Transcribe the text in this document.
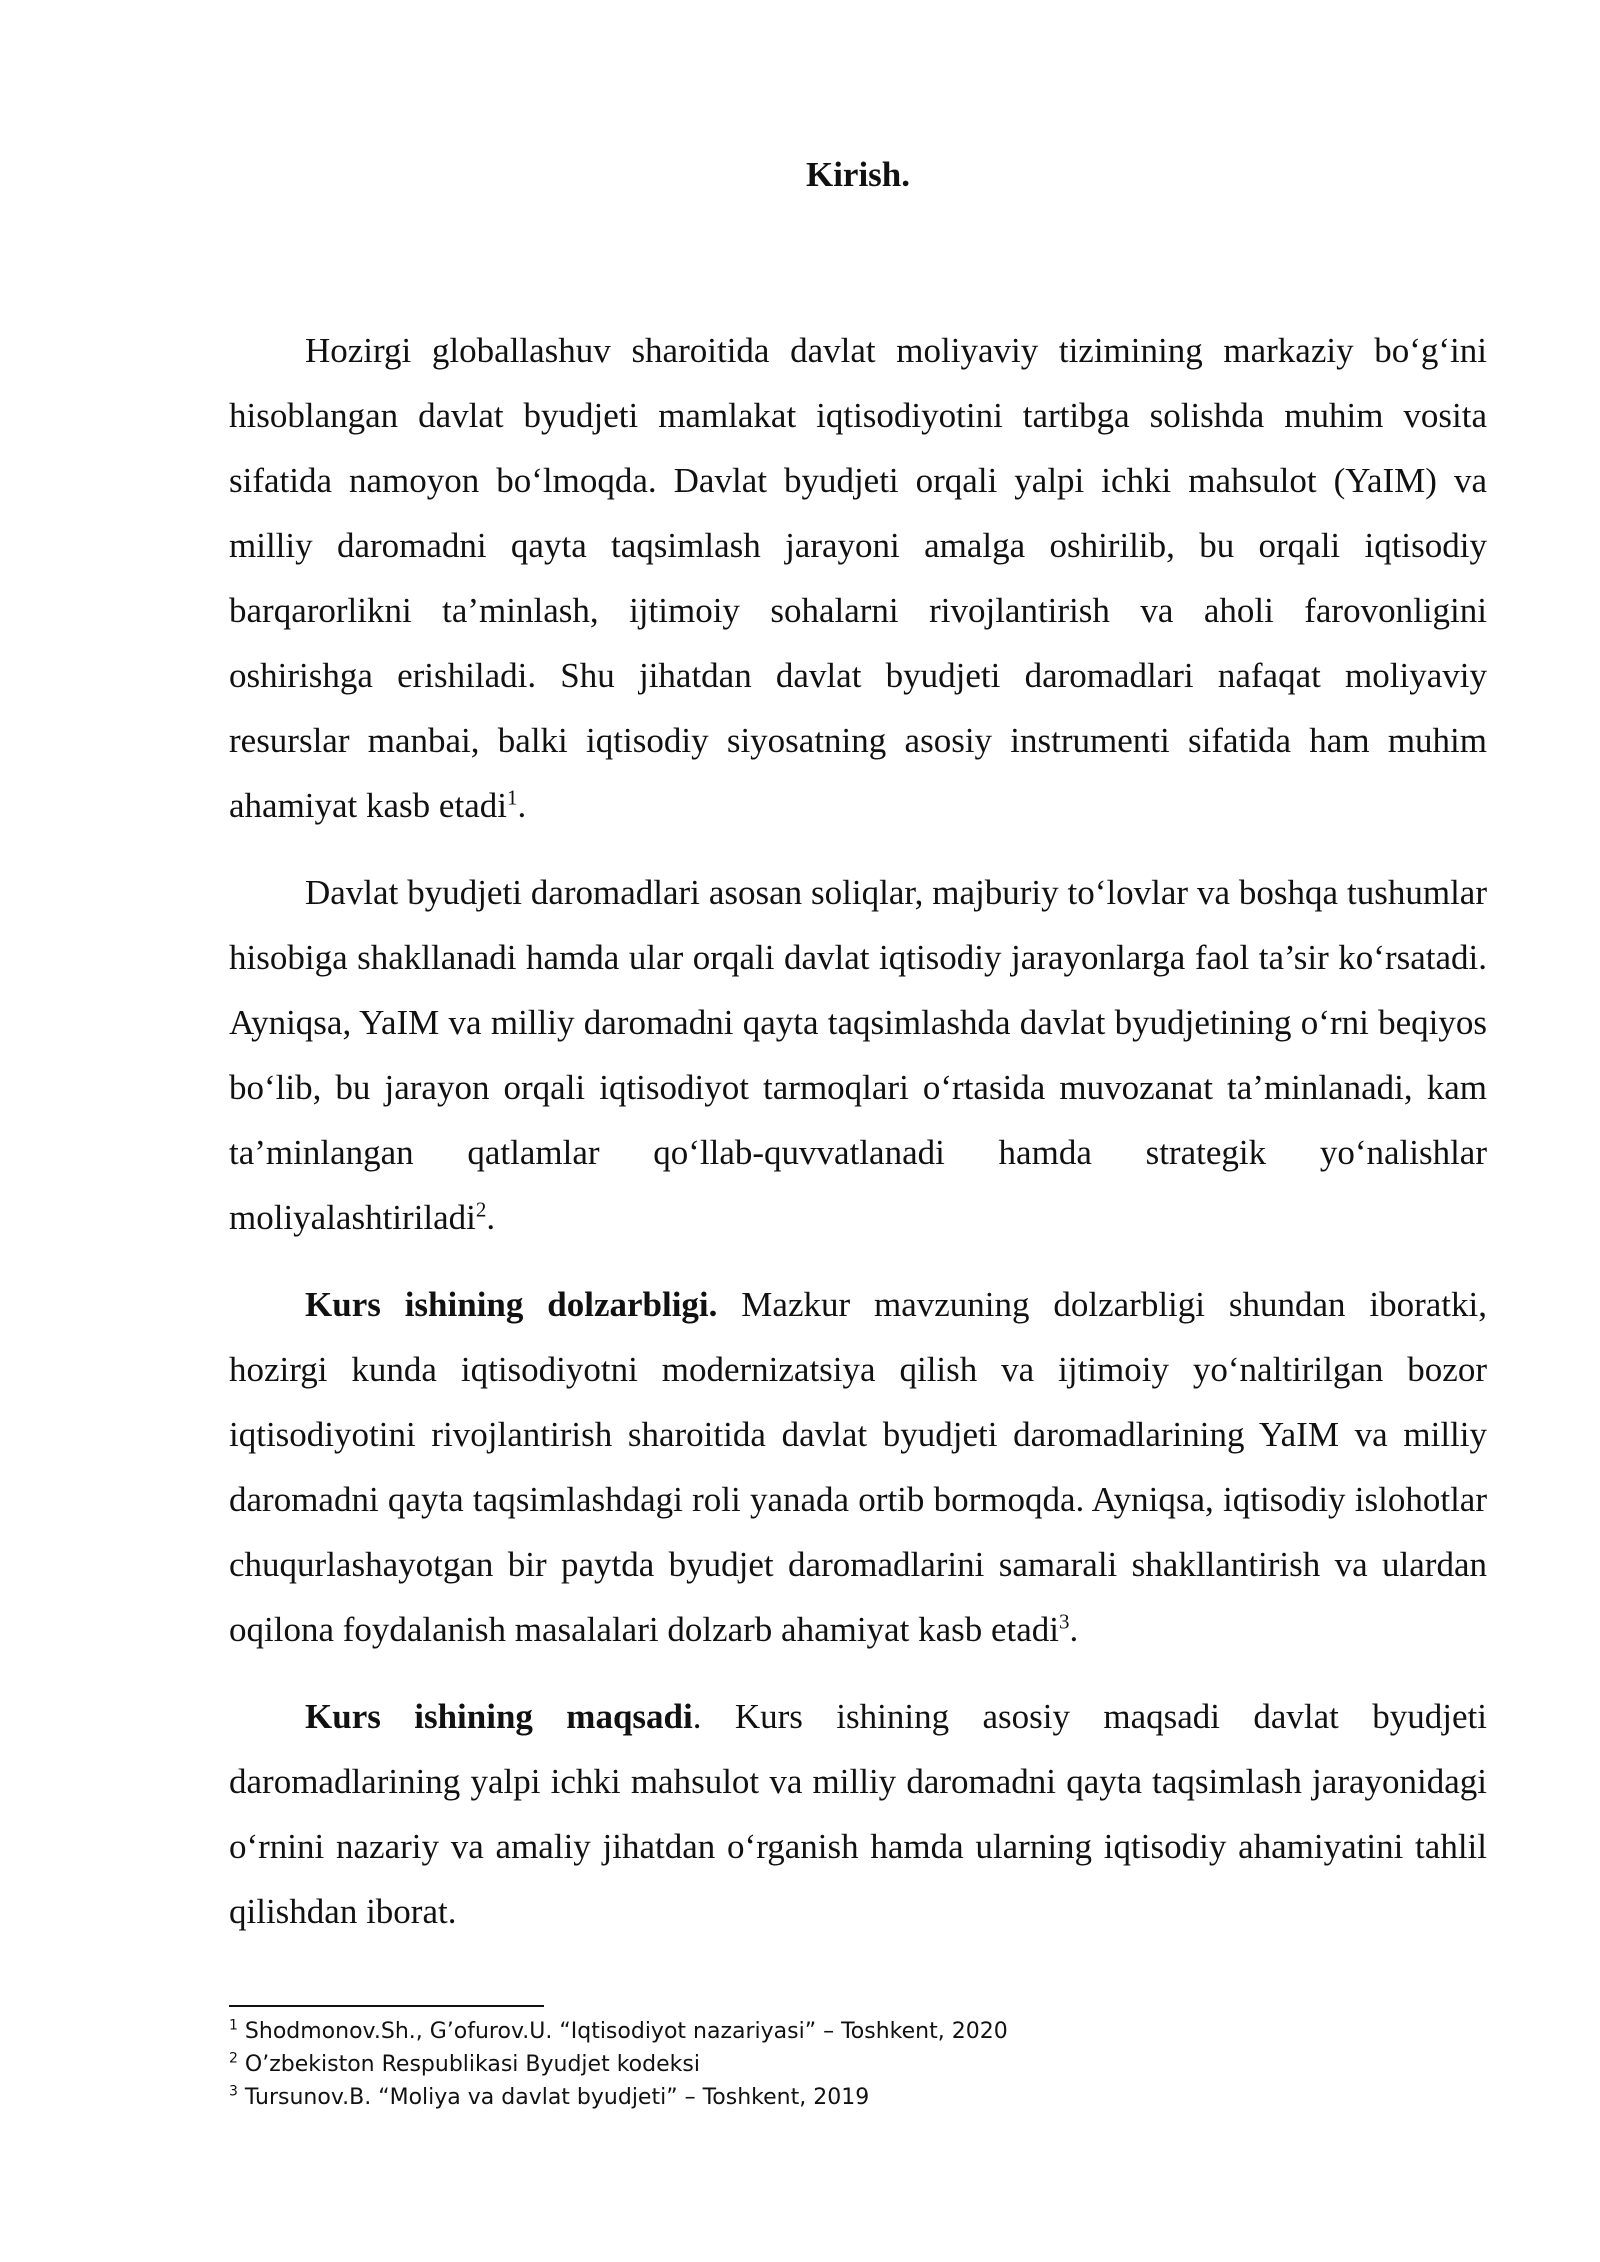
Kirish.

Hozirgi globallashuv sharoitida davlat moliyaviy tizimining markaziy bo‘g‘ini hisoblangan davlat byudjeti mamlakat iqtisodiyotini tartibga solishda muhim vosita sifatida namoyon bo‘lmoqda. Davlat byudjeti orqali yalpi ichki mahsulot (YaIM) va milliy daromadni qayta taqsimlash jarayoni amalga oshirilib, bu orqali iqtisodiy barqarorlikni ta’minlash, ijtimoiy sohalarni rivojlantirish va aholi farovonligini oshirishga erishiladi. Shu jihatdan davlat byudjeti daromadlari nafaqat moliyaviy resurslar manbai, balki iqtisodiy siyosatning asosiy instrumenti sifatida ham muhim ahamiyat kasb etadi$^1$.

Davlat byudjeti daromadlari asosan soliqlar, majburiy to‘lovlar va boshqa tushumlar hisobiga shakllanadi hamda ular orqali davlat iqtisodiy jarayonlarga faol ta’sir ko‘rsatadi. Ayniqsa, YaIM va milliy daromadni qayta taqsimlashda davlat byudjetining o‘rni beqiyos bo‘lib, bu jarayon orqali iqtisodiyot tarmoqlari o‘rtasida muvozanat ta’minlanadi, kam ta’minlangan qatlamlar qo‘llab-quvvatlanadi hamda strategik yo‘nalishlar moliyalashtiriladi$^2$.

Kurs ishining dolzarbligi. Mazkur mavzuning dolzarbligi shundan iboratki, hozirgi kunda iqtisodiyotni modernizatsiya qilish va ijtimoiy yo‘naltirilgan bozor iqtisodiyotini rivojlantirish sharoitida davlat byudjeti daromadlarining YaIM va milliy daromadni qayta taqsimlashdagi roli yanada ortib bormoqda. Ayniqsa, iqtisodiy islohotlar chuqurlashayotgan bir paytda byudjet daromadlarini samarali shakllantirish va ulardan oqilona foydalanish masalalari dolzarb ahamiyat kasb etadi$^3$.

Kurs ishining maqsadi. Kurs ishining asosiy maqsadi davlat byudjeti daromadlarining yalpi ichki mahsulot va milliy daromadni qayta taqsimlash jarayonidagi o‘rnini nazariy va amaliy jihatdan o‘rganish hamda ularning iqtisodiy ahamiyatini tahlil qilishdan iborat.

$^1$ Shodmonov.Sh., G’ofurov.U. “Iqtisodiyot nazariyasi” – Toshkent, 2020

$^2$ O’zbekiston Respublikasi Byudjet kodeksi

$^3$ Tursunov.B. “Moliya va davlat byudjeti” – Toshkent, 2019
